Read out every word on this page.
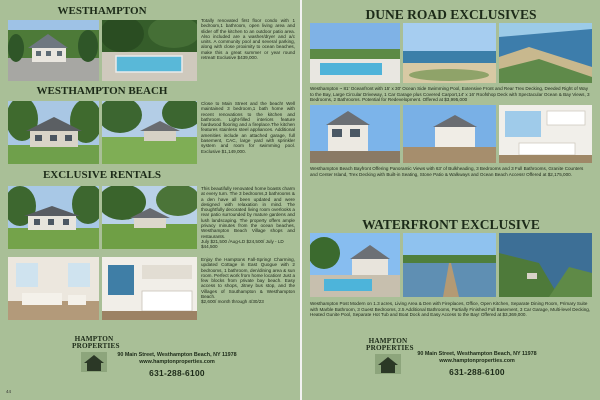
WESTHAMPTON
Totally renovated first floor condo with 1 bedroom,1 bathroom, open living area and slider off the kitchen to an outdoor patio area. Also included are a washer/dryer and a/c units. A community pool and several parking, along with close proximity to ocean beaches, make this a great summer or year round retreat! Exclusive $439,000.
WESTHAMPTON BEACH
Close to Main Street and the beach! Well maintained 3 bedroom,1 bath home with recent renovations to the kitchen and bathroom. Light-filled interiors feature hardwood flooring and a fireplace.The kitchen features stainless steel appliances. Additional amenities include an attached garage, full basement, CAC, large yard with sprinkler system and room for swimming pool. Exclusive $1,149,000.
EXCLUSIVE RENTALS
This beautifully renovated home boasts charm at every turn. The 3 bedrooms,3 bathrooms & a den have all been updated and were designed with relaxation in mind. The thoughtfully decorated living room overlooks a rear patio surrounded by mature gardens and lush landscaping. The property offers ample privacy minutes from the ocean beaches, Westhampton Beach Village shops and restaurants.
July $21,500 /Aug-LD $24,500/ July - LD $44,500
Enjoy the Hamptons Fall-Spring! Charming, updated Cottage in East Quogue with 2 bedrooms, 1 bathroom, den/dining area & sun room. Perfect work from home location! Just a few blocks from private bay beach. Easy access to shops, Jitney bus stop, and the Villages of Southampton & Westhampton Beach.
$2,600/ month through 4/30/23
HAMPTON
PROPERTIES
90 Main Street, Westhampton Beach, NY 11978
www.hamptonproperties.com
631-288-6100
44
DUNE ROAD EXCLUSIVES
Westhampton ~ 81' Oceanfront with 15' x 30' Ocean Side Swimming Pool, Extensive Front and Rear Trex Decking, Deeded Right of Way to the Bay, Large Circular Driveway, 1 Car Garage plus Covered Carport,14' x 16' Roofshop Deck with Spectacular Ocean & Bay Views, 3 Bedrooms, 2 Bathrooms. Potential for Redevelopment. Offered at $3,995,000
Westhampton Beach Bayfront Offering Panoramic Views with 63' of Bulkheading, 3 Bedrooms and 3 Full Bathrooms, Granite Counters and Center Island, Trex Decking with Built-in Seating, Stone Patio & Walkways and Ocean Beach Access! Offered at $2,175,000.
WATERFRONT EXCLUSIVE
Westhampton Post Modern on 1.3 acres, Living Area & Den with Fireplaces, Office, Open Kitchen, Separate Dining Room, Primary Suite with Marble Bathroom, 3 Guest Bedrooms, 2.5 Additional Bathrooms, Partially Finished Full Basement, 3 Car Garage, Multi-level Decking, Heated Gunite Pool, Separate Hot Tub and Boat Dock and Easy Access to the Bay! Offered at $3,369,000.
HAMPTON
PROPERTIES
90 Main Street, Westhampton Beach, NY 11978
www.hamptonproperties.com
631-288-6100
